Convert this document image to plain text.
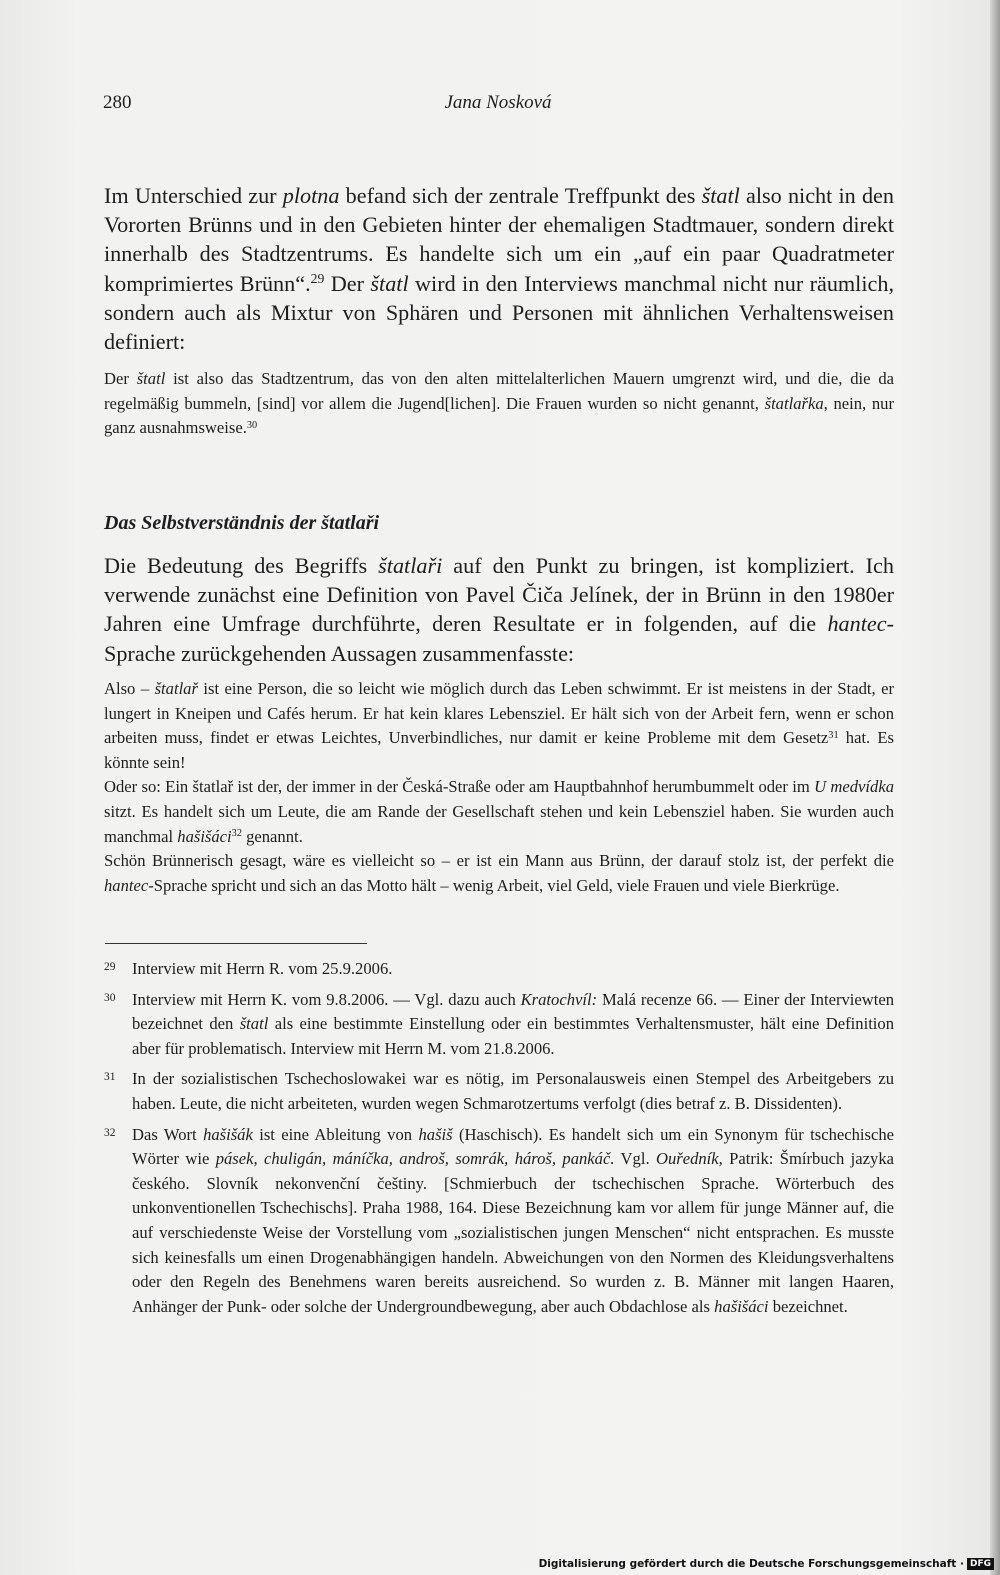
280	Jana Nosková

Im Unterschied zur plotna befand sich der zentrale Treffpunkt des štatl also nicht in den Vororten Brünns und in den Gebieten hinter der ehemaligen Stadtmauer, sondern direkt innerhalb des Stadtzentrums. Es handelte sich um ein „auf ein paar Quadratmeter komprimiertes Brünn“.$^{29}$ Der štatl wird in den Interviews manchmal nicht nur räumlich, sondern auch als Mixtur von Sphären und Personen mit ähnlichen Verhaltensweisen definiert:

Der štatl ist also das Stadtzentrum, das von den alten mittelalterlichen Mauern umgrenzt wird, und die, die da regelmäßig bummeln, [sind] vor allem die Jugend[lichen]. Die Frauen wurden so nicht genannt, štatlařka, nein, nur ganz ausnahmsweise.$^{30}$

Das Selbstverständnis der štatlaři

Die Bedeutung des Begriffs štatlaři auf den Punkt zu bringen, ist kompliziert. Ich verwende zunächst eine Definition von Pavel Čiča Jelínek, der in Brünn in den 1980er Jahren eine Umfrage durchführte, deren Resultate er in folgenden, auf die hantec-Sprache zurückgehenden Aussagen zusammenfasste:

Also – štatlař ist eine Person, die so leicht wie möglich durch das Leben schwimmt. Er ist meistens in der Stadt, er lungert in Kneipen und Cafés herum. Er hat kein klares Lebensziel. Er hält sich von der Arbeit fern, wenn er schon arbeiten muss, findet er etwas Leichtes, Unverbindliches, nur damit er keine Probleme mit dem Gesetz$^{31}$ hat. Es könnte sein!

Oder so: Ein štatlař ist der, der immer in der Česká-Straße oder am Hauptbahnhof herumbummelt oder im U medvídka sitzt. Es handelt sich um Leute, die am Rande der Gesellschaft stehen und kein Lebensziel haben. Sie wurden auch manchmal hašišáci$^{32}$ genannt.

Schön Brünnerisch gesagt, wäre es vielleicht so – er ist ein Mann aus Brünn, der darauf stolz ist, der perfekt die hantec-Sprache spricht und sich an das Motto hält – wenig Arbeit, viel Geld, viele Frauen und viele Bierkrüge.

29 Interview mit Herrn R. vom 25.9.2006.

30 Interview mit Herrn K. vom 9.8.2006. — Vgl. dazu auch Kratochvíl: Malá recenze 66. — Einer der Interviewten bezeichnet den štatl als eine bestimmte Einstellung oder ein bestimmtes Verhaltensmuster, hält eine Definition aber für problematisch. Interview mit Herrn M. vom 21.8.2006.

31 In der sozialistischen Tschechoslowakei war es nötig, im Personalausweis einen Stempel des Arbeitgebers zu haben. Leute, die nicht arbeiteten, wurden wegen Schmarotzertums verfolgt (dies betraf z. B. Dissidenten).

32 Das Wort hašišák ist eine Ableitung von hašiš (Haschisch). Es handelt sich um ein Synonym für tschechische Wörter wie pásek, chuligán, máníčka, androš, somrák, hároš, pankáč. Vgl. Ouředník, Patrik: Šmírbuch jazyka českého. Slovník nekonvenční češtiny. [Schmierbuch der tschechischen Sprache. Wörterbuch des unkonventionellen Tschechischs]. Praha 1988, 164. Diese Bezeichnung kam vor allem für junge Männer auf, die auf verschiedenste Weise der Vorstellung vom „sozialistischen jungen Menschen“ nicht entsprachen. Es musste sich keinesfalls um einen Drogenabhängigen handeln. Abweichungen von den Normen des Kleidungsverhaltens oder den Regeln des Benehmens waren bereits ausreichend. So wurden z. B. Männer mit langen Haaren, Anhänger der Punk- oder solche der Undergroundbewegung, aber auch Obdachlose als hašišáci bezeichnet.

Digitalisierung gefördert durch die Deutsche Forschungsgemeinschaft · DFG
